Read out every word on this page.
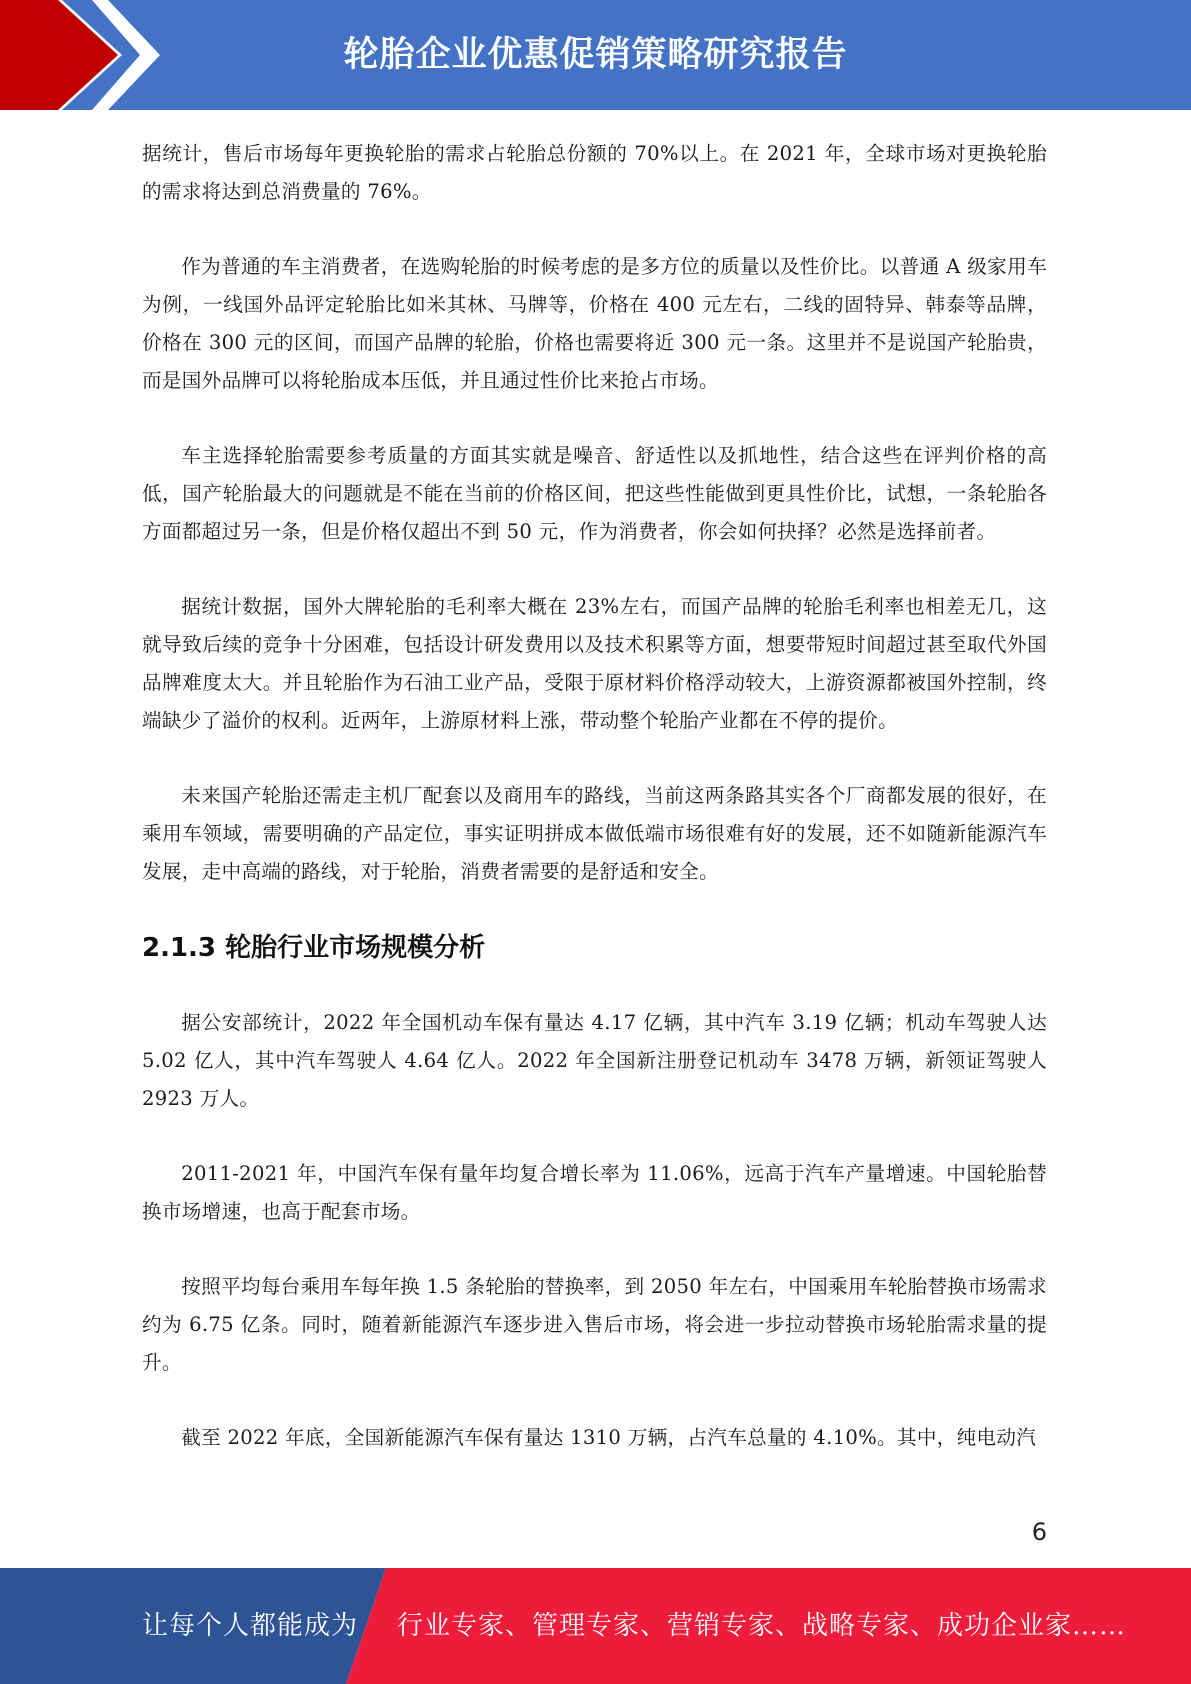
轮胎企业优惠促销策略研究报告

据统计，售后市场每年更换轮胎的需求占轮胎总份额的 70%以上。在 2021 年，全球市场对更换轮胎的需求将达到总消费量的 76%。

作为普通的车主消费者，在选购轮胎的时候考虑的是多方位的质量以及性价比。以普通 A 级家用车为例，一线国外品评定轮胎比如米其林、马牌等，价格在 400 元左右，二线的固特异、韩泰等品牌，价格在 300 元的区间，而国产品牌的轮胎，价格也需要将近 300 元一条。这里并不是说国产轮胎贵，而是国外品牌可以将轮胎成本压低，并且通过性价比来抢占市场。

车主选择轮胎需要参考质量的方面其实就是噪音、舒适性以及抓地性，结合这些在评判价格的高低，国产轮胎最大的问题就是不能在当前的价格区间，把这些性能做到更具性价比，试想，一条轮胎各方面都超过另一条，但是价格仅超出不到 50 元，作为消费者，你会如何抉择？必然是选择前者。

据统计数据，国外大牌轮胎的毛利率大概在 23%左右，而国产品牌的轮胎毛利率也相差无几，这就导致后续的竞争十分困难，包括设计研发费用以及技术积累等方面，想要带短时间超过甚至取代外国品牌难度太大。并且轮胎作为石油工业产品，受限于原材料价格浮动较大，上游资源都被国外控制，终端缺少了溢价的权利。近两年，上游原材料上涨，带动整个轮胎产业都在不停的提价。

未来国产轮胎还需走主机厂配套以及商用车的路线，当前这两条路其实各个厂商都发展的很好，在乘用车领域，需要明确的产品定位，事实证明拼成本做低端市场很难有好的发展，还不如随新能源汽车发展，走中高端的路线，对于轮胎，消费者需要的是舒适和安全。

2.1.3 轮胎行业市场规模分析

据公安部统计，2022 年全国机动车保有量达 4.17 亿辆，其中汽车 3.19 亿辆；机动车驾驶人达 5.02 亿人，其中汽车驾驶人 4.64 亿人。2022 年全国新注册登记机动车 3478 万辆，新领证驾驶人 2923 万人。

2011-2021 年，中国汽车保有量年均复合增长率为 11.06%，远高于汽车产量增速。中国轮胎替换市场增速，也高于配套市场。

按照平均每台乘用车每年换 1.5 条轮胎的替换率，到 2050 年左右，中国乘用车轮胎替换市场需求约为 6.75 亿条。同时，随着新能源汽车逐步进入售后市场，将会进一步拉动替换市场轮胎需求量的提升。

截至 2022 年底，全国新能源汽车保有量达 1310 万辆，占汽车总量的 4.10%。其中，纯电动汽

6
让每个人都能成为 行业专家、管理专家、营销专家、战略专家、成功企业家……
